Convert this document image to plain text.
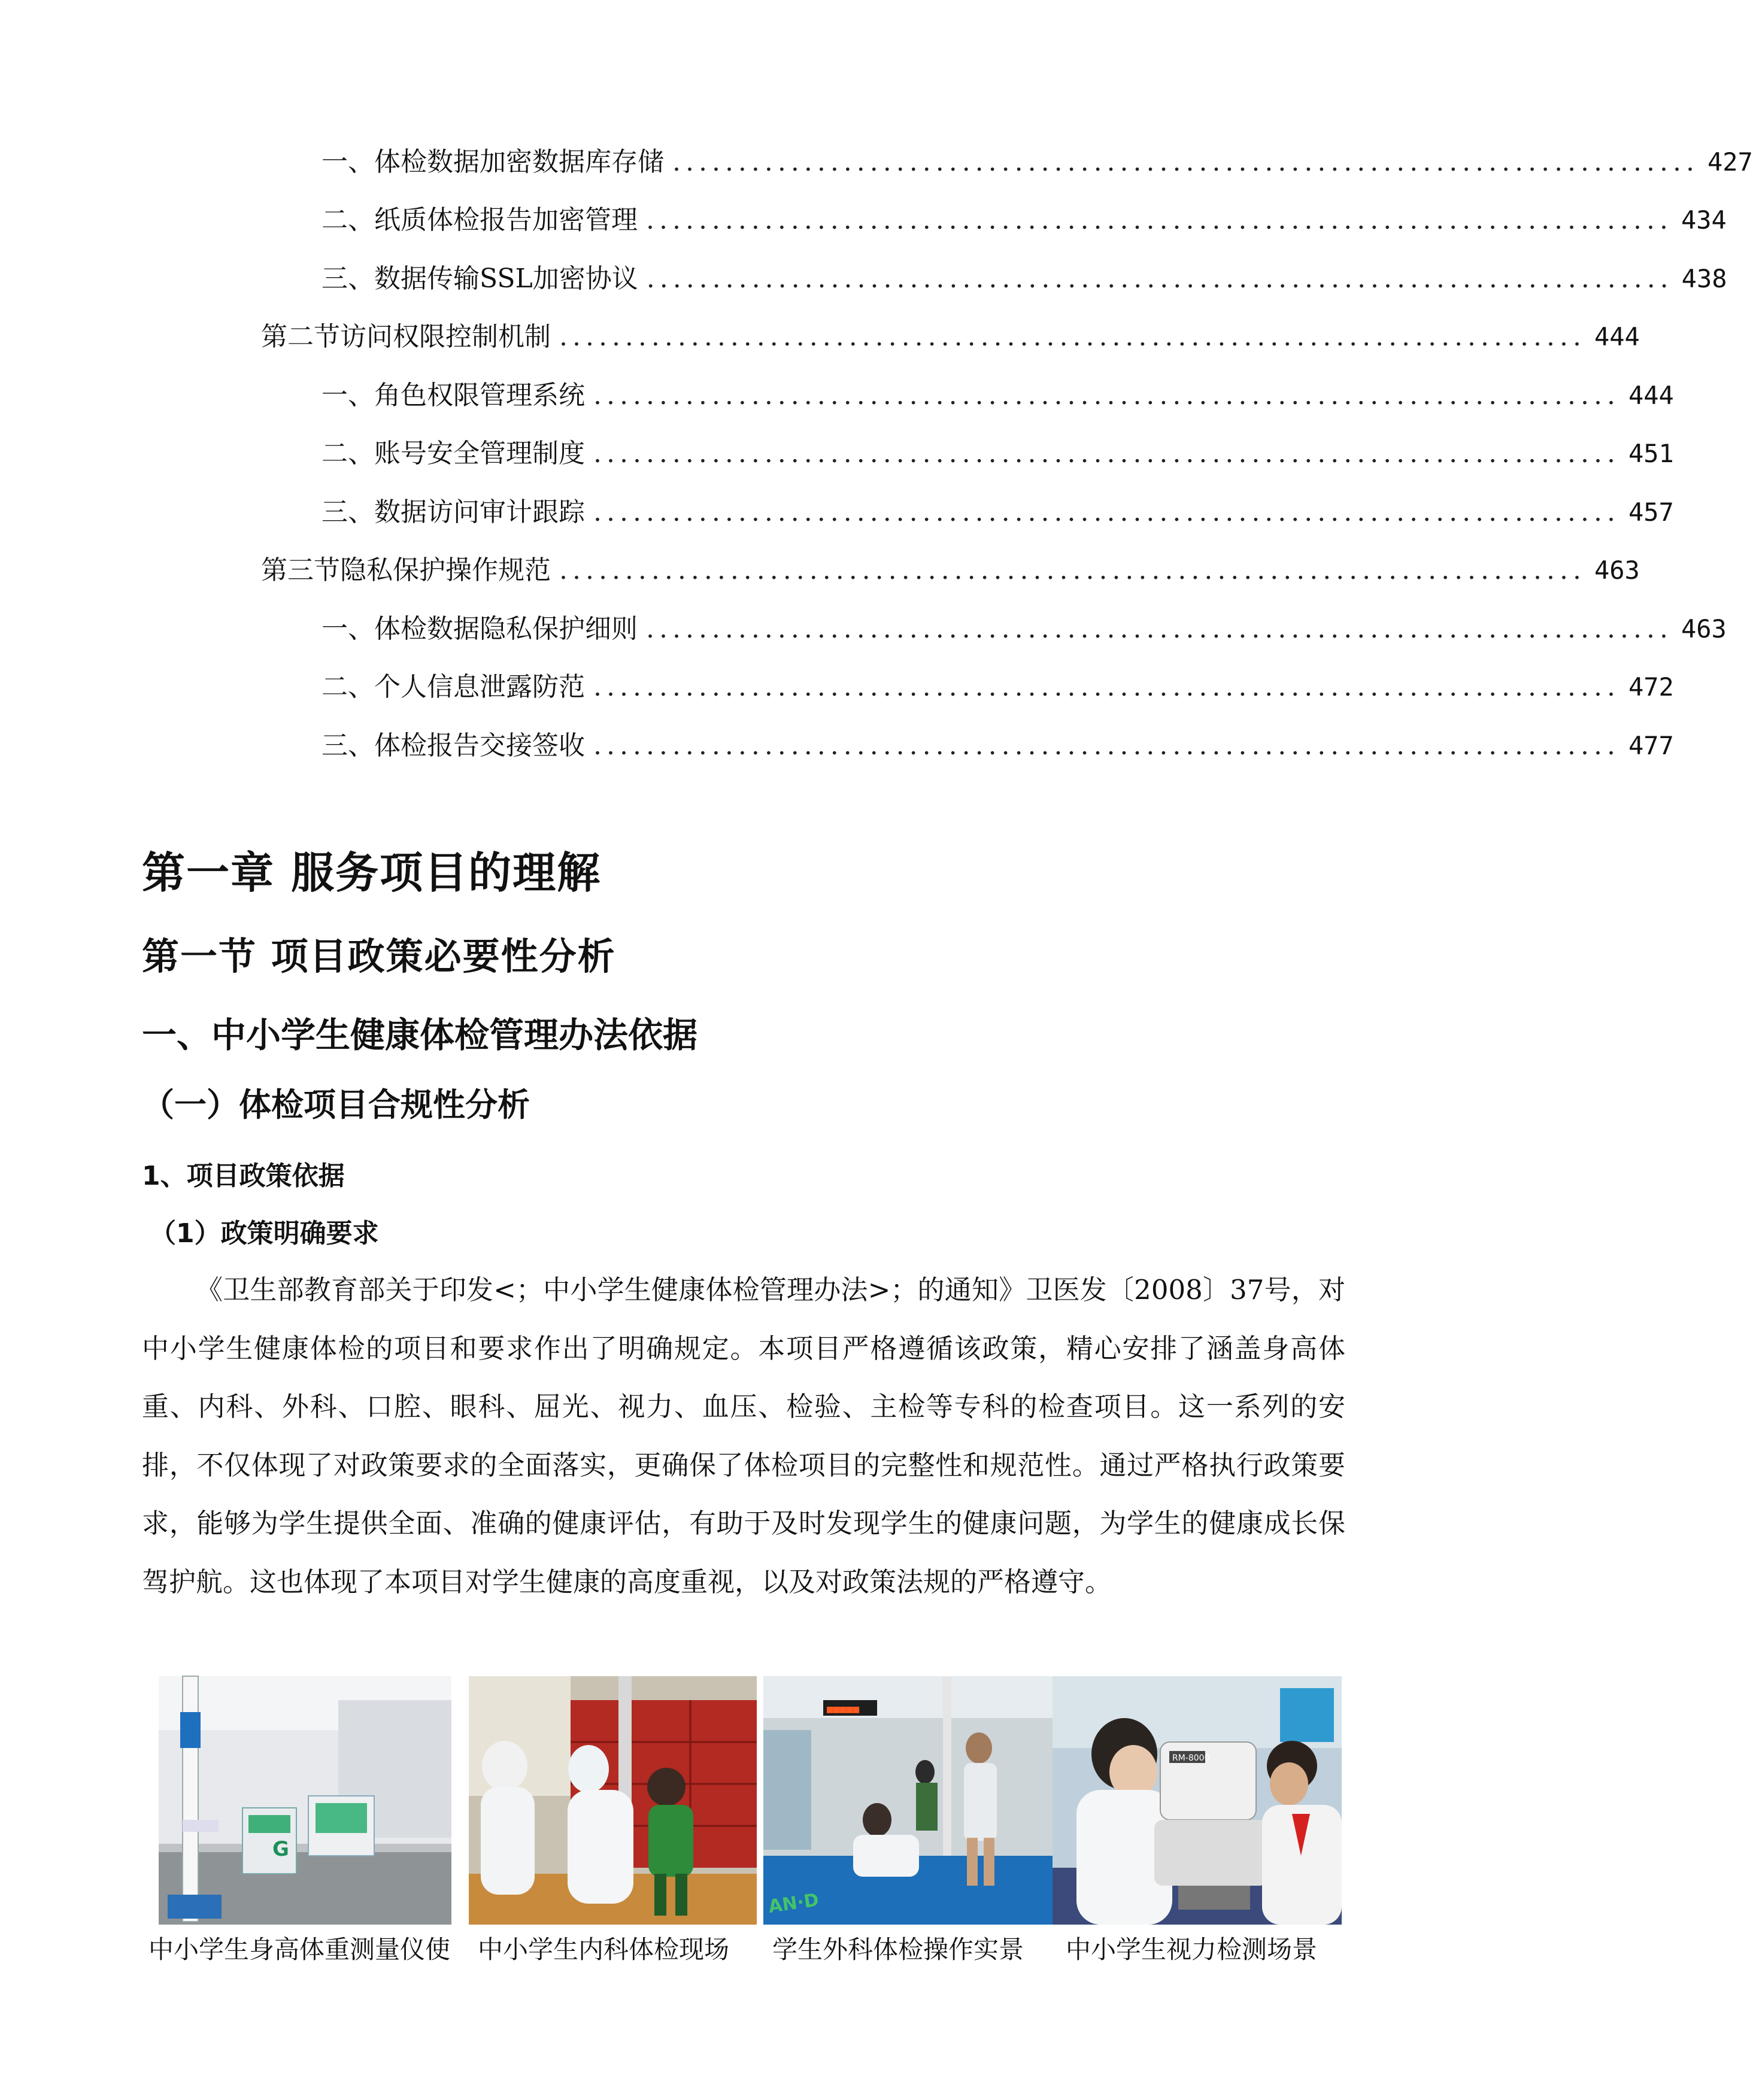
一、 体检数据加密数据库存储 .............................................................................. 427
二、 纸质体检报告加密管理 .............................................................................. 434
三、 数据传输SSL加密协议 .............................................................................. 438
第二节 访问权限控制机制 .............................................................................. 444
一、 角色权限管理系统 .............................................................................. 444
二、 账号安全管理制度 .............................................................................. 451
三、 数据访问审计跟踪 .............................................................................. 457
第三节 隐私保护操作规范 .............................................................................. 463
一、 体检数据隐私保护细则 .............................................................................. 463
二、 个人信息泄露防范 .............................................................................. 472
三、 体检报告交接签收 .............................................................................. 477
第一章 服务项目的理解
第一节 项目政策必要性分析
一、中小学生健康体检管理办法依据
（一）体检项目合规性分析
1、项目政策依据
（1）政策明确要求

《卫生部教育部关于印发<；中小学生健康体检管理办法>；的通知》卫医发〔2008〕37号，对中小学生健康体检的项目和要求作出了明确规定。本项目严格遵循该政策，精心安排了涵盖身高体重、内科、外科、口腔、眼科、屈光、视力、血压、检验、主检等专科的检查项目。这一系列的安排，不仅体现了对政策要求的全面落实，更确保了体检项目的完整性和规范性。通过严格执行政策要求，能够为学生提供全面、准确的健康评估，有助于及时发现学生的健康问题，为学生的健康成长保驾护航。这也体现了本项目对学生健康的高度重视，以及对政策法规的严格遵守。

G
■■■■■
AN·D
RM-8000
中小学生身高体重测量仪使	中小学生内科体检现场	学生外科体检操作实景	中小学生视力检测场景
